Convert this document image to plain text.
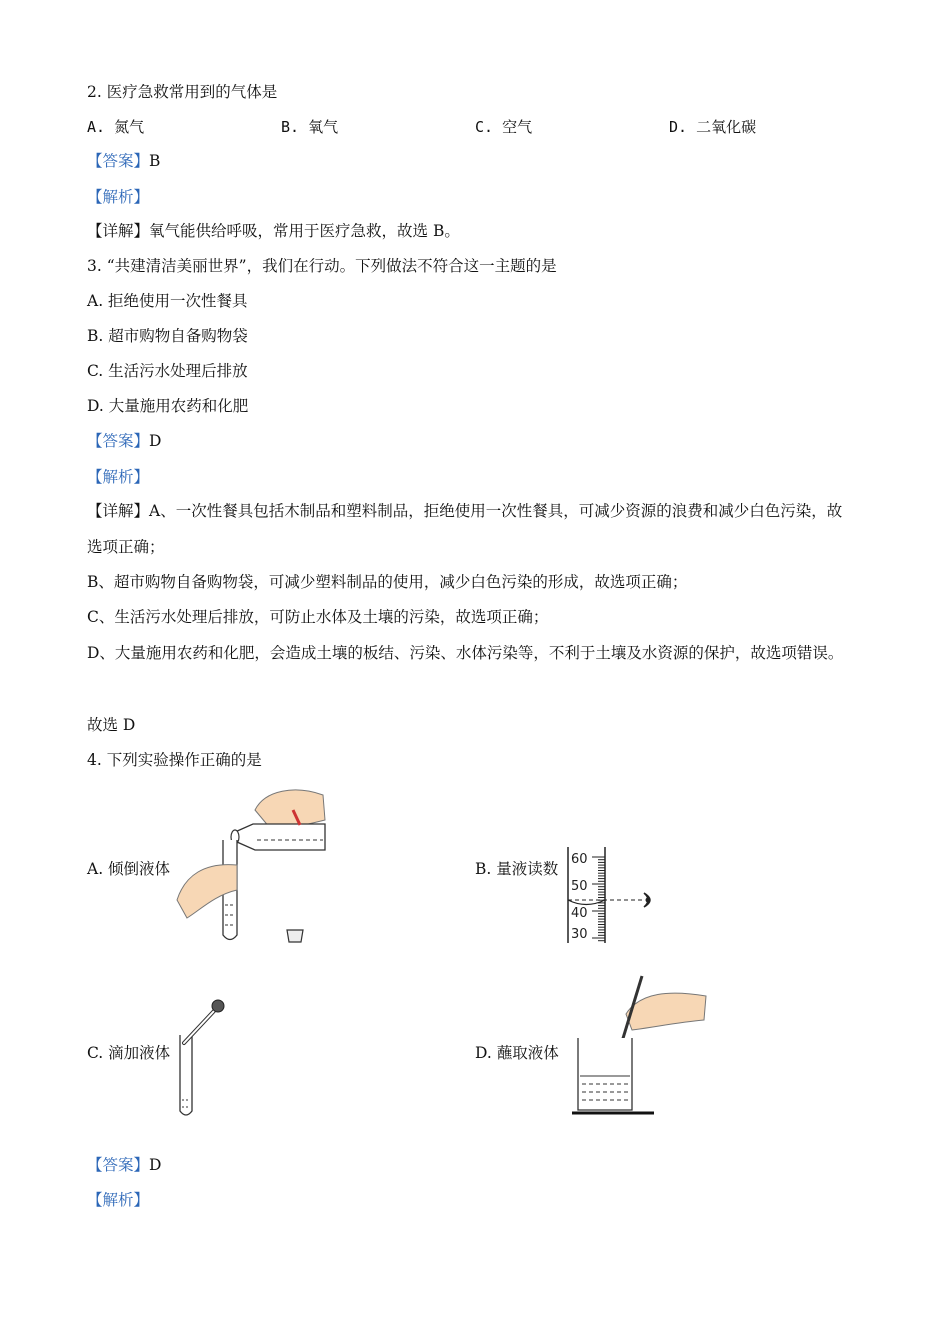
2. 医疗急救常用到的气体是
A. 氮气	B. 氧气	C. 空气	D. 二氧化碳
【答案】B
【解析】
【详解】氧气能供给呼吸，常用于医疗急救，故选 B。
3. “共建清洁美丽世界”，我们在行动。下列做法不符合这一主题的是
A. 拒绝使用一次性餐具
B. 超市购物自备购物袋
C. 生活污水处理后排放
D. 大量施用农药和化肥
【答案】D
【解析】
【详解】A、一次性餐具包括木制品和塑料制品，拒绝使用一次性餐具，可减少资源的浪费和减少白色污染，故选项正确；
B、超市购物自备购物袋，可减少塑料制品的使用，减少白色污染的形成，故选项正确；
C、生活污水处理后排放，可防止水体及土壤的污染，故选项正确；
D、大量施用农药和化肥，会造成土壤的板结、污染、水体污染等，不利于土壤及水资源的保护，故选项错误。
故选 D
4. 下列实验操作正确的是
A. 倾倒液体	B. 量液读数
C. 滴加液体	D. 蘸取液体
60
50
40
30
【答案】D
【解析】
